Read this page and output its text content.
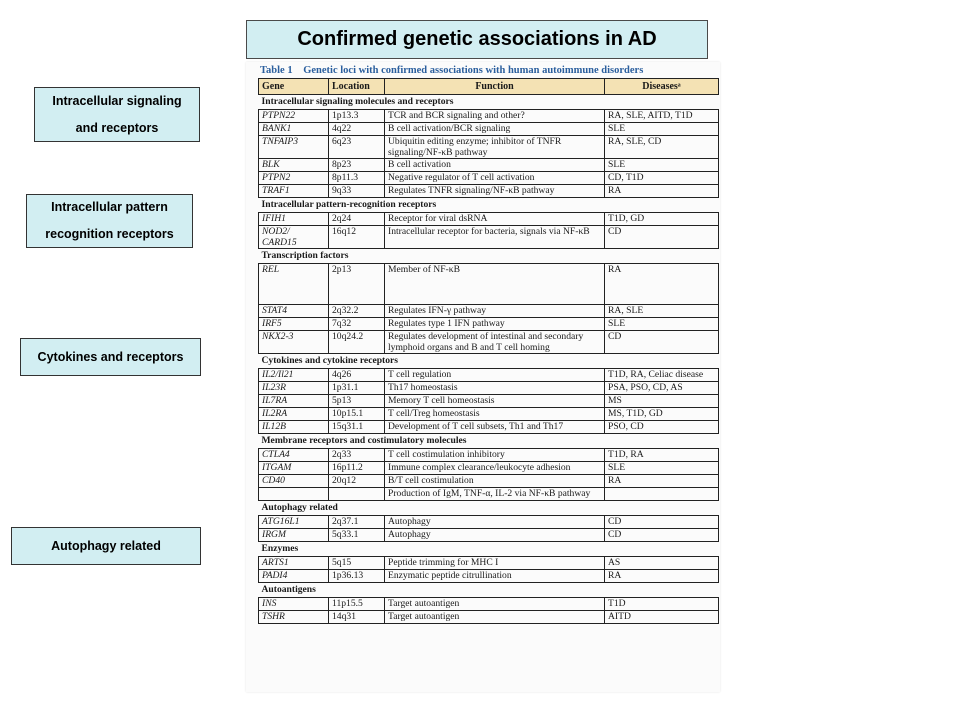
Confirmed genetic associations in AD
Intracellular signaling
and receptors
Intracellular pattern
recognition receptors
Cytokines and receptors
Autophagy related
Table 1 Genetic loci with confirmed associations with human autoimmune disorders
Gene	Location	Function	Diseasesᵃ
Intracellular signaling molecules and receptors			
PTPN22	1p13.3	TCR and BCR signaling and other?	RA, SLE, AITD, T1D
BANK1	4q22	B cell activation/BCR signaling	SLE
TNFAIP3	6q23	Ubiquitin editing enzyme; inhibitor of TNFR signaling/NF-κB pathway	RA, SLE, CD
BLK	8p23	B cell activation	SLE
PTPN2	8p11.3	Negative regulator of T cell activation	CD, T1D
TRAF1	9q33	Regulates TNFR signaling/NF-κB pathway	RA
Intracellular pattern-recognition receptors			
IFIH1	2q24	Receptor for viral dsRNA	T1D, GD
NOD2/ CARD15	16q12	Intracellular receptor for bacteria, signals via NF-κB	CD
Transcription factors			
REL	2p13	Member of NF-κB	RA
STAT4	2q32.2	Regulates IFN-γ pathway	RA, SLE
IRF5	7q32	Regulates type 1 IFN pathway	SLE
NKX2-3	10q24.2	Regulates development of intestinal and secondary lymphoid organs and B and T cell homing	CD
Cytokines and cytokine receptors			
IL2/Il21	4q26	T cell regulation	T1D, RA, Celiac disease
IL23R	1p31.1	Th17 homeostasis	PSA, PSO, CD, AS
IL7RA	5p13	Memory T cell homeostasis	MS
IL2RA	10p15.1	T cell/Treg homeostasis	MS, T1D, GD
IL12B	15q31.1	Development of T cell subsets, Th1 and Th17	PSO, CD
Membrane receptors and costimulatory molecules			
CTLA4	2q33	T cell costimulation inhibitory	T1D, RA
ITGAM	16p11.2	Immune complex clearance/leukocyte adhesion	SLE
CD40	20q12	B/T cell costimulation	RA
		Production of IgM, TNF-α, IL-2 via NF-κB pathway	
Autophagy related			
ATG16L1	2q37.1	Autophagy	CD
IRGM	5q33.1	Autophagy	CD
Enzymes			
ARTS1	5q15	Peptide trimming for MHC I	AS
PADI4	1p36.13	Enzymatic peptide citrullination	RA
Autoantigens			
INS	11p15.5	Target autoantigen	T1D
TSHR	14q31	Target autoantigen	AITD
